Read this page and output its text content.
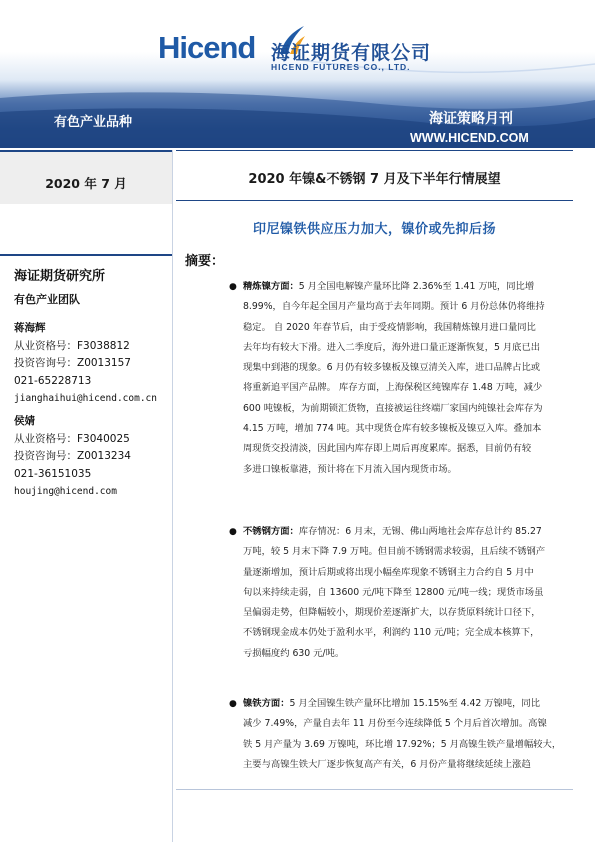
Hicend 海证期货有限公司
HICEND FUTURES CO., LTD.
有色产业品种	海证策略月刊
WWW.HICEND.COM
2020 年 7 月	2020 年镍&不锈钢 7 月及下半年行情展望
海证期货研究所
有色产业团队
蒋海辉
从业资格号：F3038812
投资咨询号：Z0013157
021-65228713
jianghaihui@hicend.com.cn
侯婧
从业资格号：F3040025
投资咨询号：Z0013234
021-36151035
houjing@hicend.com
印尼镍铁供应压力加大，镍价或先抑后扬
摘要：
● 精炼镍方面：5 月全国电解镍产量环比降 2.36%至 1.41 万吨，同比增
8.99%，自今年起全国月产量均高于去年同期。预计 6 月份总体仍将维持
稳定。 自 2020 年春节后，由于受疫情影响，我国精炼镍月进口量同比
去年均有较大下滑。进入二季度后，海外进口量正逐渐恢复，5 月底已出
现集中到港的现象。6 月仍有较多镍板及镍豆清关入库，进口品牌占比或
将重新追平国产品牌。 库存方面，上海保税区纯镍库存 1.48 万吨，减少
600 吨镍板，为前期锁汇货物，直接被运往终端厂家国内纯镍社会库存为
4.15 万吨，增加 774 吨。其中现货仓库有较多镍板及镍豆入库。叠加本
周现货交投清淡，因此国内库存即上周后再度累库。据悉，目前仍有较
多进口镍板靠港，预计将在下月流入国内现货市场。
● 不锈钢方面：库存情况：6 月末，无锡、佛山两地社会库存总计约 85.27
万吨，较 5 月末下降 7.9 万吨。但目前不锈钢需求较弱，且后续不锈钢产
量逐渐增加，预计后期或将出现小幅垒库现象不锈钢主力合约自 5 月中
旬以来持续走弱，自 13600 元/吨下降至 12800 元/吨一线；现货市场虽
呈偏弱走势，但降幅较小，期现价差逐渐扩大，以存货原料统计口径下，
不锈钢现金成本仍处于盈利水平，利润约 110 元/吨；完全成本核算下，
亏损幅度约 630 元/吨。
● 镍铁方面：5 月全国镍生铁产量环比增加 15.15%至 4.42 万镍吨，同比
减少 7.49%，产量自去年 11 月份至今连续降低 5 个月后首次增加。高镍
铁 5 月产量为 3.69 万镍吨，环比增 17.92%；5 月高镍生铁产量增幅较大，
主要与高镍生铁大厂逐步恢复高产有关，6 月份产量将继续延续上涨趋
